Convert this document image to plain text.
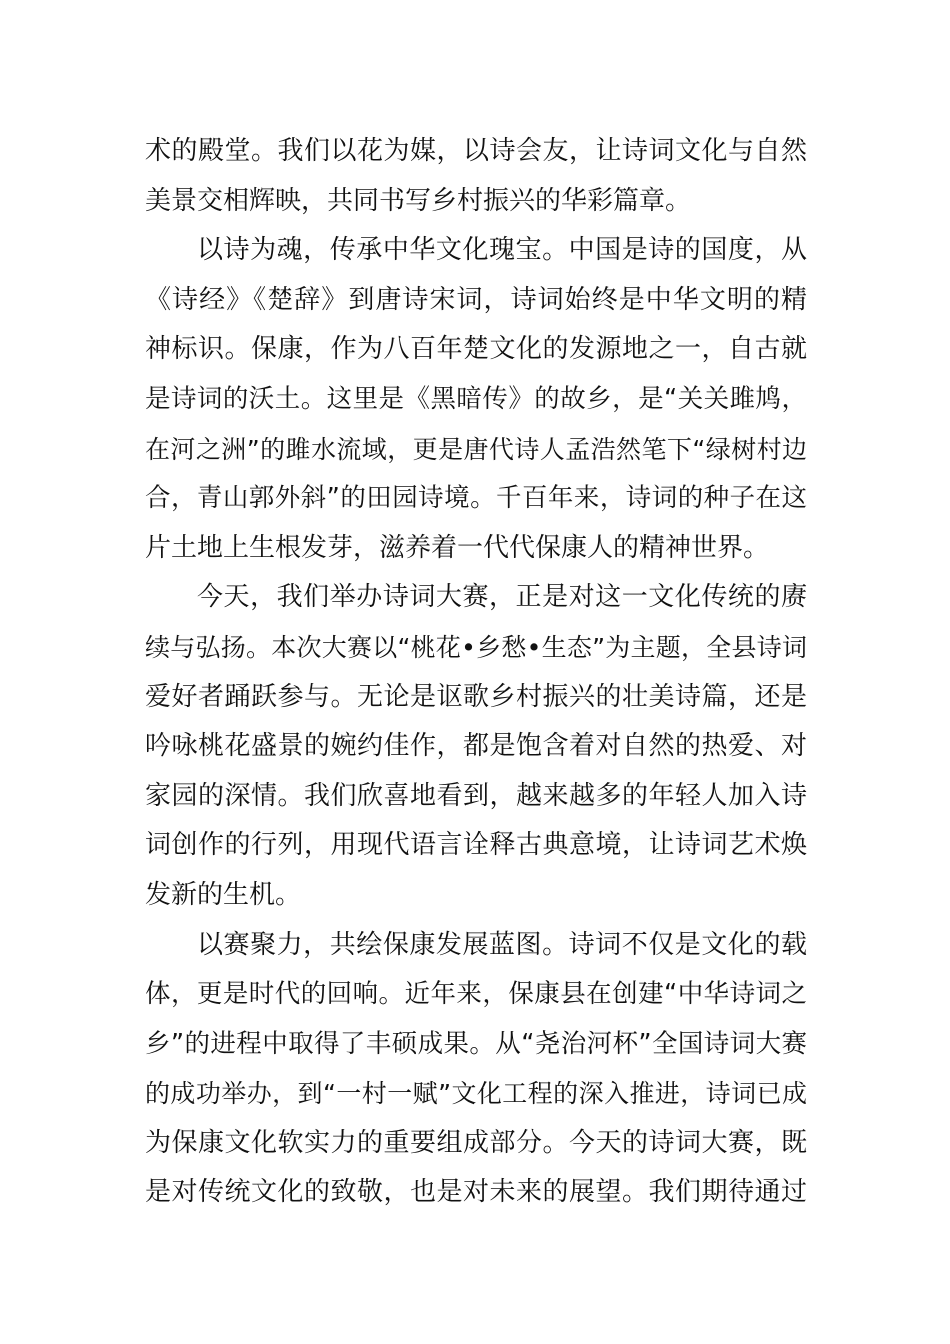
术的殿堂。我们以花为媒，以诗会友，让诗词文化与自然
美景交相辉映，共同书写乡村振兴的华彩篇章。
以诗为魂，传承中华文化瑰宝。中国是诗的国度，从
《诗经》《楚辞》到唐诗宋词，诗词始终是中华文明的精
神标识。保康，作为八百年楚文化的发源地之一，自古就
是诗词的沃土。这里是《黑暗传》的故乡，是“关关雎鸠，
在河之洲”的雎水流域，更是唐代诗人孟浩然笔下“绿树村边
合，青山郭外斜”的田园诗境。千百年来，诗词的种子在这
片土地上生根发芽，滋养着一代代保康人的精神世界。
今天，我们举办诗词大赛，正是对这一文化传统的赓
续与弘扬。本次大赛以“桃花•乡愁•生态”为主题，全县诗词
爱好者踊跃参与。无论是讴歌乡村振兴的壮美诗篇，还是
吟咏桃花盛景的婉约佳作，都是饱含着对自然的热爱、对
家园的深情。我们欣喜地看到，越来越多的年轻人加入诗
词创作的行列，用现代语言诠释古典意境，让诗词艺术焕
发新的生机。
以赛聚力，共绘保康发展蓝图。诗词不仅是文化的载
体，更是时代的回响。近年来，保康县在创建“中华诗词之
乡”的进程中取得了丰硕成果。从“尧治河杯”全国诗词大赛
的成功举办，到“一村一赋”文化工程的深入推进，诗词已成
为保康文化软实力的重要组成部分。今天的诗词大赛，既
是对传统文化的致敬，也是对未来的展望。我们期待通过
